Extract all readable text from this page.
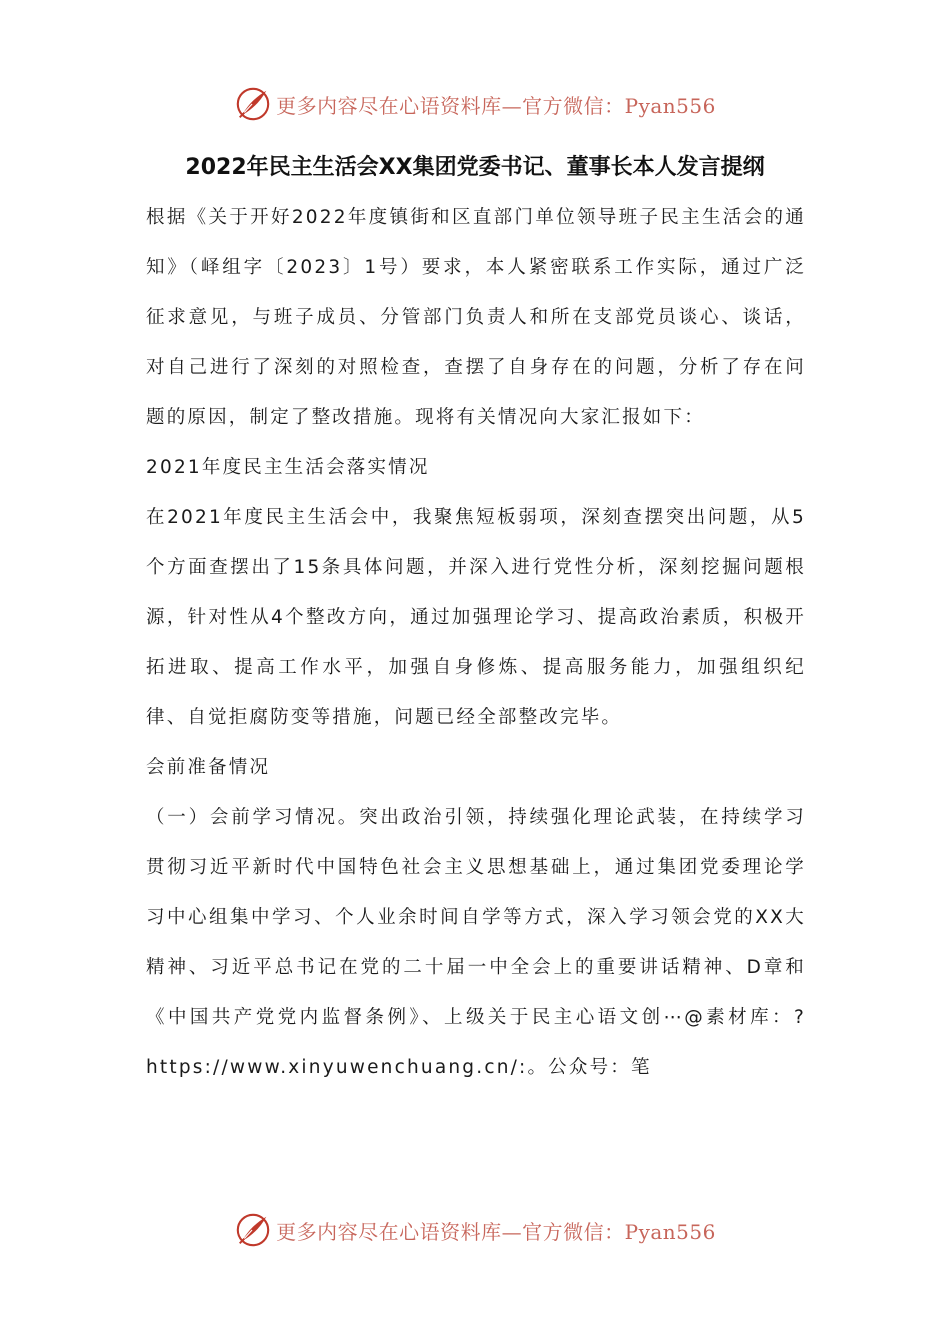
更多内容尽在心语资料库—官方微信：Pyan556
2022年民主生活会XX集团党委书记、董事长本人发言提纲

根据《关于开好2022年度镇街和区直部门单位领导班子民主生活会的通知》（峄组字〔2023〕1号）要求，本人紧密联系工作实际，通过广泛征求意见，与班子成员、分管部门负责人和所在支部党员谈心、谈话，对自己进行了深刻的对照检查，查摆了自身存在的问题，分析了存在问题的原因，制定了整改措施。现将有关情况向大家汇报如下：

2021年度民主生活会落实情况

在2021年度民主生活会中，我聚焦短板弱项，深刻查摆突出问题，从5个方面查摆出了15条具体问题，并深入进行党性分析，深刻挖掘问题根源，针对性从4个整改方向，通过加强理论学习、提高政治素质，积极开拓进取、提高工作水平，加强自身修炼、提高服务能力，加强组织纪律、自觉拒腐防变等措施，问题已经全部整改完毕。

会前准备情况

（一）会前学习情况。突出政治引领，持续强化理论武装，在持续学习贯彻习近平新时代中国特色社会主义思想基础上，通过集团党委理论学习中心组集中学习、个人业余时间自学等方式，深入学习领会党的XX大精神、习近平总书记在党的二十届一中全会上的重要讲话精神、D章和《中国共产党党内监督条例》、上级关于民主心语文创⋯@素材库：?https://www.xinyuwenchuang.cn/:。公众号：笔

更多内容尽在心语资料库—官方微信：Pyan556
